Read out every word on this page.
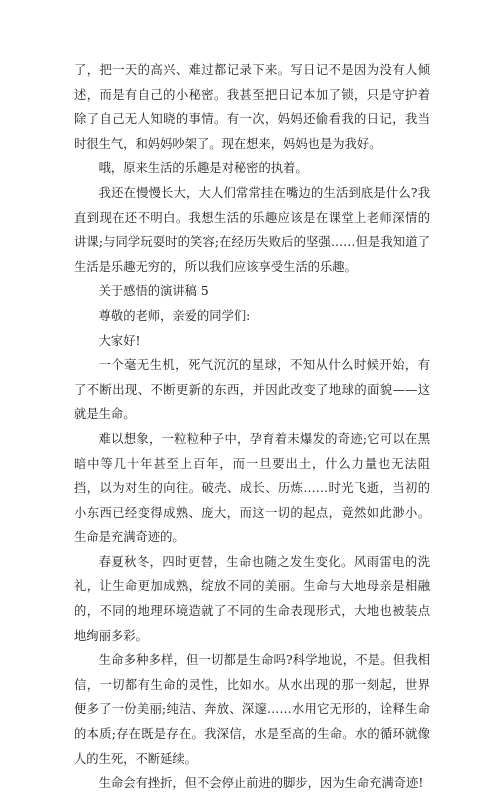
了，把一天的高兴、难过都记录下来。写日记不是因为没有人倾述，而是有自己的小秘密。我甚至把日记本加了锁，只是守护着除了自己无人知晓的事情。有一次，妈妈还偷看我的日记，我当时很生气，和妈妈吵架了。现在想来，妈妈也是为我好。

哦，原来生活的乐趣是对秘密的执着。

我还在慢慢长大，大人们常常挂在嘴边的生活到底是什么?我直到现在还不明白。我想生活的乐趣应该是在课堂上老师深情的讲课;与同学玩耍时的笑容;在经历失败后的坚强……但是我知道了生活是乐趣无穷的，所以我们应该享受生活的乐趣。

关于感悟的演讲稿 5

尊敬的老师，亲爱的同学们:

大家好!

一个毫无生机，死气沉沉的星球，不知从什么时候开始，有了不断出现、不断更新的东西，并因此改变了地球的面貌——这就是生命。

难以想象，一粒粒种子中，孕育着未爆发的奇迹;它可以在黑暗中等几十年甚至上百年，而一旦要出土，什么力量也无法阻挡，以为对生的向往。破壳、成长、历炼……时光飞逝，当初的小东西已经变得成熟、庞大，而这一切的起点，竟然如此渺小。生命是充满奇迹的。

春夏秋冬，四时更替，生命也随之发生变化。风雨雷电的洗礼，让生命更加成熟，绽放不同的美丽。生命与大地母亲是相融的，不同的地理环境造就了不同的生命表现形式，大地也被装点地绚丽多彩。

生命多种多样，但一切都是生命吗?科学地说，不是。但我相信，一切都有生命的灵性，比如水。从水出现的那一刻起，世界便多了一份美丽;纯洁、奔放、深邃……水用它无形的，诠释生命的本质;存在既是存在。我深信，水是至高的生命。水的循环就像人的生死，不断延续。

生命会有挫折，但不会停止前进的脚步，因为生命充满奇迹!
